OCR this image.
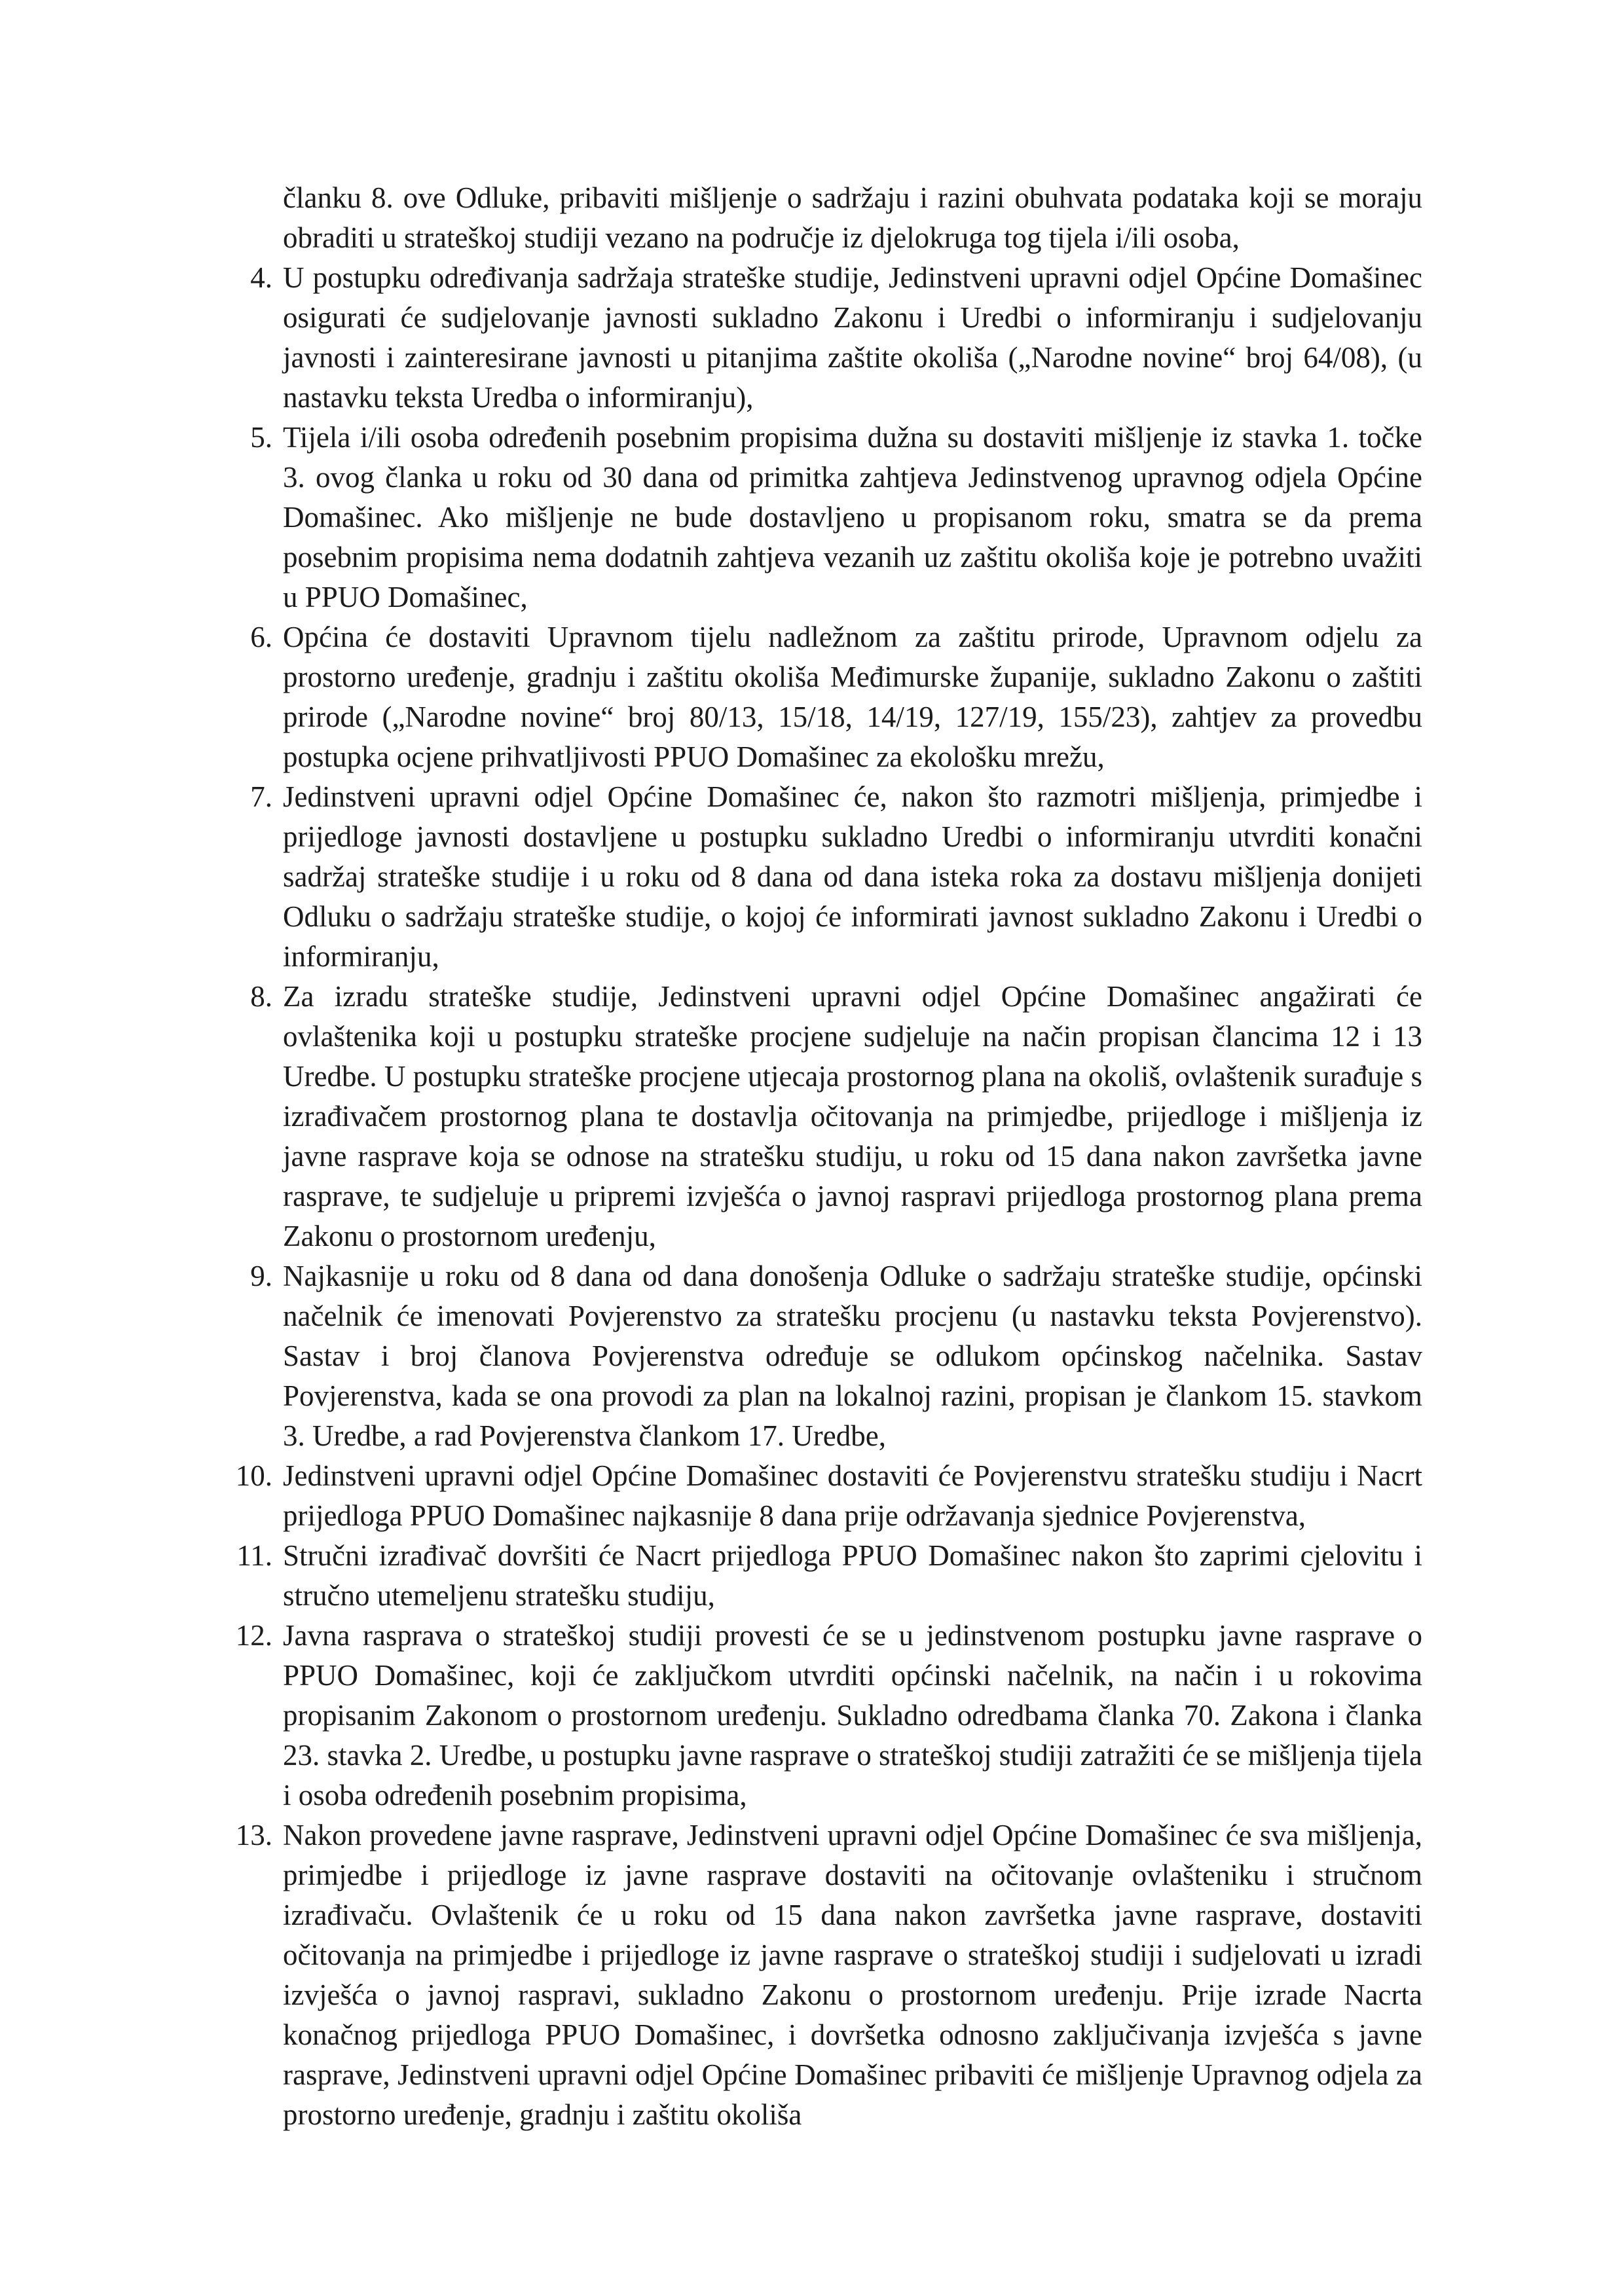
članku 8. ove Odluke, pribaviti mišljenje o sadržaju i razini obuhvata podataka koji se moraju obraditi u strateškoj studiji vezano na područje iz djelokruga tog tijela i/ili osoba,

4. U postupku određivanja sadržaja strateške studije, Jedinstveni upravni odjel Općine Domašinec osigurati će sudjelovanje javnosti sukladno Zakonu i Uredbi o informiranju i sudjelovanju javnosti i zainteresirane javnosti u pitanjima zaštite okoliša („Narodne novine“ broj 64/08), (u nastavku teksta Uredba o informiranju),
5. Tijela i/ili osoba određenih posebnim propisima dužna su dostaviti mišljenje iz stavka 1. točke 3. ovog članka u roku od 30 dana od primitka zahtjeva Jedinstvenog upravnog odjela Općine Domašinec. Ako mišljenje ne bude dostavljeno u propisanom roku, smatra se da prema posebnim propisima nema dodatnih zahtjeva vezanih uz zaštitu okoliša koje je potrebno uvažiti u PPUO Domašinec,
6. Općina će dostaviti Upravnom tijelu nadležnom za zaštitu prirode, Upravnom odjelu za prostorno uređenje, gradnju i zaštitu okoliša Međimurske županije, sukladno Zakonu o zaštiti prirode („Narodne novine“ broj 80/13, 15/18, 14/19, 127/19, 155/23), zahtjev za provedbu postupka ocjene prihvatljivosti PPUO Domašinec za ekološku mrežu,
7. Jedinstveni upravni odjel Općine Domašinec će, nakon što razmotri mišljenja, primjedbe i prijedloge javnosti dostavljene u postupku sukladno Uredbi o informiranju utvrditi konačni sadržaj strateške studije i u roku od 8 dana od dana isteka roka za dostavu mišljenja donijeti Odluku o sadržaju strateške studije, o kojoj će informirati javnost sukladno Zakonu i Uredbi o informiranju,
8. Za izradu strateške studije, Jedinstveni upravni odjel Općine Domašinec angažirati će ovlaštenika koji u postupku strateške procjene sudjeluje na način propisan člancima 12 i 13 Uredbe. U postupku strateške procjene utjecaja prostornog plana na okoliš, ovlaštenik surađuje s izrađivačem prostornog plana te dostavlja očitovanja na primjedbe, prijedloge i mišljenja iz javne rasprave koja se odnose na stratešku studiju, u roku od 15 dana nakon završetka javne rasprave, te sudjeluje u pripremi izvješća o javnoj raspravi prijedloga prostornog plana prema Zakonu o prostornom uređenju,
9. Najkasnije u roku od 8 dana od dana donošenja Odluke o sadržaju strateške studije, općinski načelnik će imenovati Povjerenstvo za stratešku procjenu (u nastavku teksta Povjerenstvo). Sastav i broj članova Povjerenstva određuje se odlukom općinskog načelnika. Sastav Povjerenstva, kada se ona provodi za plan na lokalnoj razini, propisan je člankom 15. stavkom 3. Uredbe, a rad Povjerenstva člankom 17. Uredbe,
10. Jedinstveni upravni odjel Općine Domašinec dostaviti će Povjerenstvu stratešku studiju i Nacrt prijedloga PPUO Domašinec najkasnije 8 dana prije održavanja sjednice Povjerenstva,
11. Stručni izrađivač dovršiti će Nacrt prijedloga PPUO Domašinec nakon što zaprimi cjelovitu i stručno utemeljenu stratešku studiju,
12. Javna rasprava o strateškoj studiji provesti će se u jedinstvenom postupku javne rasprave o PPUO Domašinec, koji će zaključkom utvrditi općinski načelnik, na način i u rokovima propisanim Zakonom o prostornom uređenju. Sukladno odredbama članka 70. Zakona i članka 23. stavka 2. Uredbe, u postupku javne rasprave o strateškoj studiji zatražiti će se mišljenja tijela i osoba određenih posebnim propisima,
13. Nakon provedene javne rasprave, Jedinstveni upravni odjel Općine Domašinec će sva mišljenja, primjedbe i prijedloge iz javne rasprave dostaviti na očitovanje ovlašteniku i stručnom izrađivaču. Ovlaštenik će u roku od 15 dana nakon završetka javne rasprave, dostaviti očitovanja na primjedbe i prijedloge iz javne rasprave o strateškoj studiji i sudjelovati u izradi izvješća o javnoj raspravi, sukladno Zakonu o prostornom uređenju. Prije izrade Nacrta konačnog prijedloga PPUO Domašinec, i dovršetka odnosno zaključivanja izvješća s javne rasprave, Jedinstveni upravni odjel Općine Domašinec pribaviti će mišljenje Upravnog odjela za prostorno uređenje, gradnju i zaštitu okoliša
